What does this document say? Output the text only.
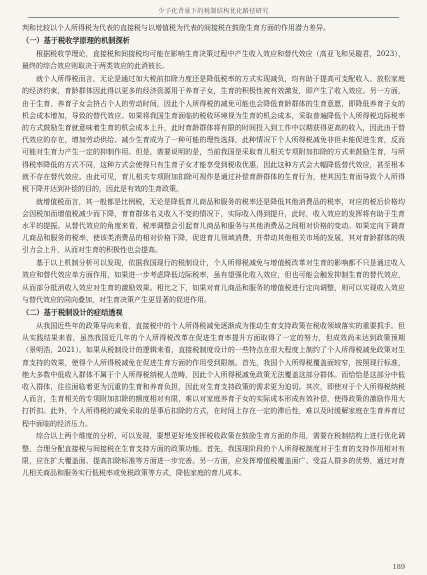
少子化背景下的税制结构优化路径研究

判和比较以个人所得税为代表的直接税与以增值税为代表的间接税在鼓励生育方面的作用潜力差异。

（一）基于税收学原理的机制探析

根据税收学理论，直接税和间接税均可能在影响生育决策过程中产生收入效应和替代效应（高亚飞和吴璇君，2023），最终的综合效应则取决于两类效应的此消彼长。

就个人所得税而言，无论是通过加大税前扣除力度还是降低税率的方式实现减负，均有助于提高可支配收入、放松家庭的经济约束，育龄群体因此得以更多的经济资源用于养育子女，生育的积极性被有效激发，即产生了收入效应。另一方面，由于生育、养育子女会挤占个人的劳动时间，因此个人所得税的减免可能也会降低育龄群体的生育意愿，即降低养育子女的机会成本增加，导致的替代效应。如果将我国生育面临的税收环境视为生育的机会成本，采取普遍降低个人所得税边际税率的方式鼓励生育就意味着生育的机会成本上升，此时育龄群体将有限的时间投入到工作中以期获得更高的收入，因此由于替代效应的存在，增加劳动供给、减少生育成为了一种可能的理性选择，此种情况下个人所得税减免非但未能促进生育，反而可能对生育力产生一定的抑制作用。但是，需要说明的是，当前我国是采取育儿相关专项附加扣除的方式来鼓励生育，与所得税率降低的方式不同，这种方式会使得只有生育子女才能享受到税收优惠，因此这种方式会大幅降低替代效应，甚至根本就不存在替代效应。由此可见，育儿相关专项附加扣除可视作是通过补偿育龄群体的生育行为，使其因生育而导致个人所得税下降并达到补偿的目的，因此是有效的生育政策。

就增值税而言，其一般都是比例税，无论是降低育儿商品和服务的税率还是降低其他消费品的税率，对应的税后价格均会因税加而增值税减少而下降，育育群体名义收入不变的情况下，实际收入得到提升，此时，收入效应的发挥将有助于生育水平的提振。从替代效应的角度来看，税率调整会引起育儿商品和服务与其他消费品之间相对价格的变动。如果定向下调育儿商品和服务的税率，使该类消费品的相对价格下降，促进育儿领域消费，并带动其他相关市场的发展，其对育龄群体的吸引力会上升，从而对生育的积极性也会提高。

基于以上机制分析可以发现，依据我国现行的税制设计，个人所得税减免与增值税改革对生育的影响都不只是通过收入效应和替代效应单方面作用，如果进一步考虑降低边际税率，虽有望强化收入效应，但也可能会触发抑制生育的替代效应，从而部分抵消收入效应对生育的激励效果。相比之下，如果对育儿商品和服务的增值税进行定向调整，则可以实现收入效应与替代效应的同向叠加，对生育决策产生更显著的促进作用。

（二）基于税制设计的症结透视

从我国近些年的政策导向来看，直接税中的个人所得税减免逐渐成为推动生育支持政策在税收领域落实的重要抓手。但从实践结果来看，虽然我国近几年的个人所得税改革在促进生育率提升方面取得了一定的努力，但成效尚未达到政策预期（景明浩，2021）。如果从税制设计的逻辑来看，直接税制度设计的一些特点在很大程度上制约了个人所得税减免政策对生育支持的效果，使得个人所得税减免在促进生育方面的作用受到限制。首先，我国个人所得税覆盖面较窄，按照现行标准，绝大多数中低收入群体不属于个人所得税纳税人范畴，因此个人所得税减免政策无法覆盖这部分群体。而恰恰是这部分中低收入群体，往往面临着更为沉重的生育和养育负担，因此对生育支持政策的需求更为迫切。其次，即使对于个人所得税纳税人而言，生育相关的专项附加扣除的额度相对有限，难以对家庭养育子女的实际成本形成有效补偿，使得政策的激励作用大打折扣。此外，个人所得税的减免采取的是事后扣除的方式，在时间上存在一定的滞后性，难以及时缓解家庭在生育养育过程中面临的经济压力。

综合以上两个维度的分析，可以发现，要想更好地发挥税收政策在鼓励生育方面的作用，需要在税制结构上进行优化调整，合理分配直接税与间接税在生育支持方面的政策功能。首先，我国现阶段的个人所得税制度对于生育的支持作用相对有限，应在扩大覆盖面、提高扣除标准等方面进一步完善。另一方面，应发挥增值税覆盖面广、受益人群多的优势，通过对育儿相关商品和服务实行低税率或免税政策等方式，降低家庭的育儿成本。

189
